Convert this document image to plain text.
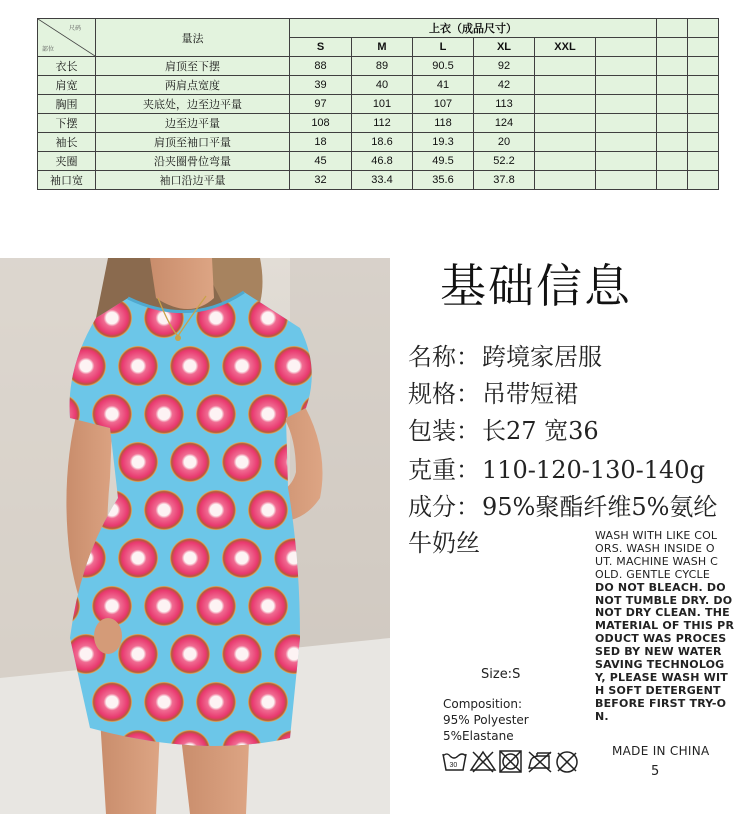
尺码
部位	量法	上衣（成品尺寸）							
		S	M	L	XL	XXL			
衣长	肩顶至下摆	88	89	90.5	92				
肩宽	两肩点宽度	39	40	41	42				
胸围	夹底处，边至边平量	97	101	107	113				
下摆	边至边平量	108	112	118	124				
袖长	肩顶至袖口平量	18	18.6	19.3	20				
夹圈	沿夹圈骨位弯量	45	46.8	49.5	52.2				
袖口宽	袖口沿边平量	32	33.4	35.6	37.8				
基础信息
名称：跨境家居服
规格：吊带短裙
包装：长27 宽36
克重：110-120-130-140g
成分：95%聚酯纤维5%氨纶
牛奶丝	WASH WITH LIKE COL
ORS. WASH INSIDE O
UT. MACHINE WASH C
OLD. GENTLE CYCLE
DO NOT BLEACH. DO
NOT TUMBLE DRY. DO
NOT DRY CLEAN. THE
MATERIAL OF THIS PR
ODUCT WAS PROCES
SED BY NEW WATER
SAVING TECHNOLOG
Y, PLEASE WASH WIT
H SOFT DETERGENT
BEFORE FIRST TRY-O
N.
Size:S
Composition:
95% Polyester
5%Elastane
30
MADE IN CHINA
5
